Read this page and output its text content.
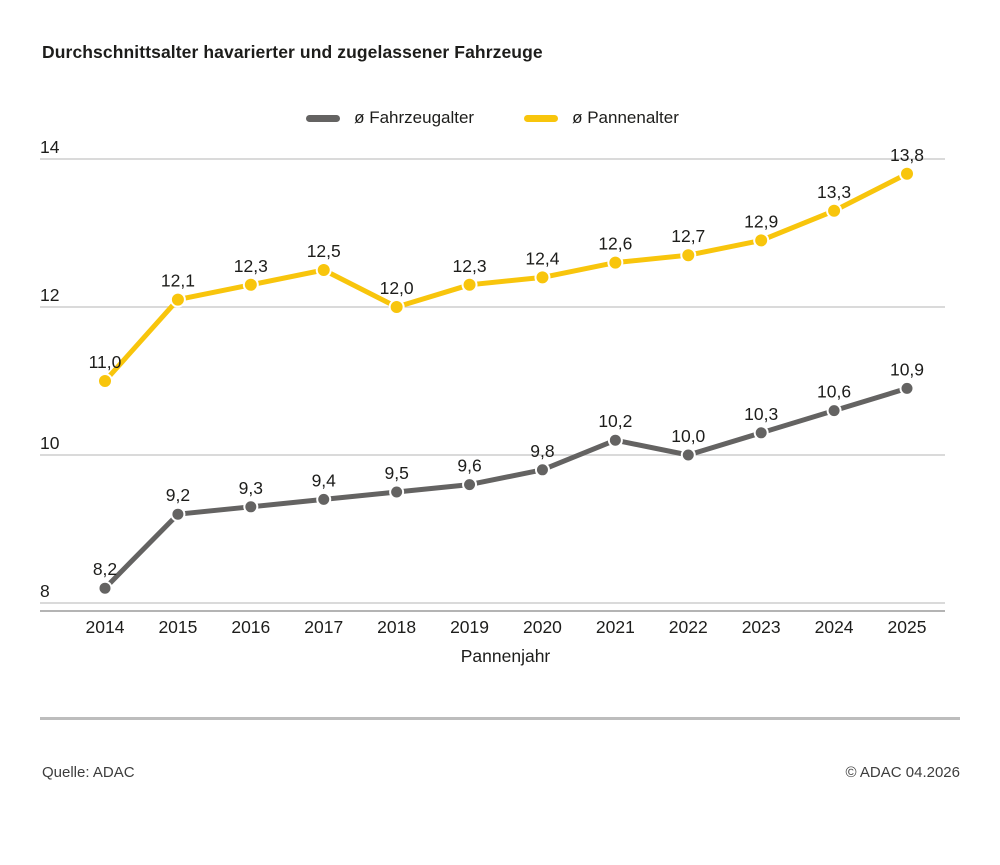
Durchschnittsalter havarierter und zugelassener Fahrzeuge
ø Fahrzeugalter	ø Pannenalter
8
10
12
14
8,2
9,2	9,3	9,4	9,5	9,6
9,8
10,2
10,0
10,3
10,6
10,9
11,0
12,1
12,3
12,5
12,0
12,3 12,4
12,6 12,7
12,9
13,3
13,8
2014 2015 2016 2017 2018 2019 2020 2021 2022 2023 2024 2025
Pannenjahr
Quelle: ADAC	© ADAC 04.2026
